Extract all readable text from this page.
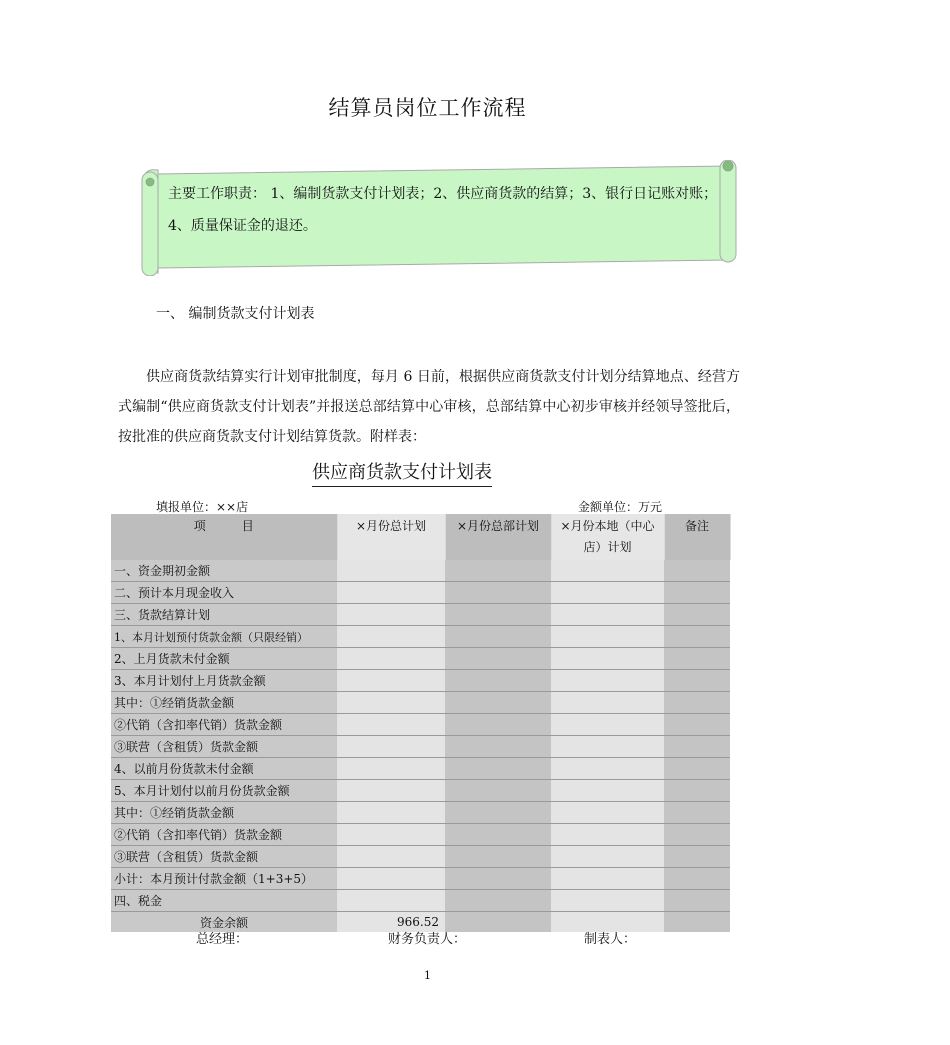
结算员岗位工作流程
主要工作职责： 1、编制货款支付计划表；2、供应商货款的结算；3、银行日记账对账；4、质量保证金的退还。
一、 编制货款支付计划表
供应商货款结算实行计划审批制度，每月 6 日前，根据供应商货款支付计划分结算地点、经营方式编制“供应商货款支付计划表”并报送总部结算中心审核，总部结算中心初步审核并经领导签批后，按批准的供应商货款支付计划结算货款。附样表：
供应商货款支付计划表
填报单位：××店	金额单位：万元
项　　　目	×月份总计划	×月份总部计划	×月份本地（中心店）计划	备注
一、资金期初金额				
二、预计本月现金收入				
三、货款结算计划				
1、本月计划预付货款金额（只限经销）				
2、上月货款未付金额				
3、本月计划付上月货款金额				
其中：①经销货款金额				
②代销（含扣率代销）货款金额				
③联营（含租赁）货款金额				
4、以前月份货款未付金额				
5、本月计划付以前月份货款金额				
其中：①经销货款金额				
②代销（含扣率代销）货款金额				
③联营（含租赁）货款金额				
小计：本月预计付款金额（1+3+5）				
四、税金				
资金余额	966.52			
总经理：	财务负责人：	制表人：
1
